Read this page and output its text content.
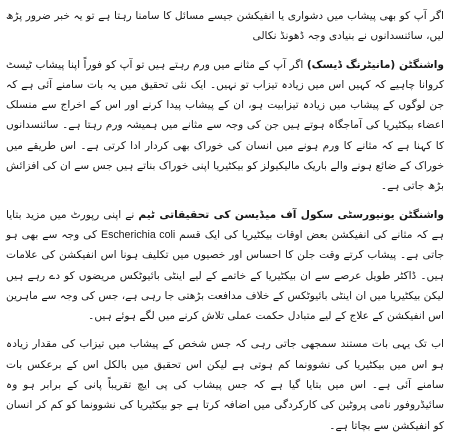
اگر آپ کو بھی پیشاب میں دشواری یا انفیکشن جیسے مسائل کا سامنا رہتا ہے تو یہ خبر ضرور پڑھ لیں، سائنسدانوں نے بنیادی وجہ ڈھونڈ نکالی

واشنگٹن (مانیٹرنگ ڈیسک) اگر آپ کے مثانے میں ورم رہتے ہیں تو آپ کو فوراً اپنا پیشاب ٹیسٹ کروانا چاہیے کہ کہیں اس میں زیادہ تیزاب تو نہیں۔ ایک نئی تحقیق میں یہ بات سامنے آئی ہے کہ جن لوگوں کے پیشاب میں زیادہ تیزابیت ہو، ان کے پیشاب پیدا کرنے اور اس کے اخراج سے منسلک اعضاء بیکٹیریا کی آماجگاہ ہوتے ہیں جن کی وجہ سے مثانے میں ہمیشہ ورم رہتا ہے۔ سائنسدانوں کا کہنا ہے کہ مثانے کا ورم ہونے میں انسان کی خوراک بھی کردار ادا کرتی ہے۔ اس طریقے میں خوراک کے ضائع ہونے والے باریک مالیکیولز کو بیکٹیریا اپنی خوراک بناتے ہیں جس سے ان کی افزائش بڑھ جاتی ہے۔

واشنگٹن یونیورسٹی سکول آف میڈیسن کی تحقیقاتی ٹیم نے اپنی رپورٹ میں مزید بتایا ہے کہ مثانے کی انفیکشن بعض اوقات بیکٹیریا کی ایک قسم Escherichia coli کی وجہ سے بھی ہو جاتی ہے۔ پیشاب کرتے وقت جلن کا احساس اور خصیوں میں تکلیف ہونا اس انفیکشن کی علامات ہیں۔ ڈاکٹر طویل عرصے سے ان بیکٹیریا کے خاتمے کے لیے اینٹی بائیوٹکس مریضوں کو دے رہے ہیں لیکن بیکٹیریا میں ان اینٹی بائیوٹکس کے خلاف مدافعت بڑھتی جا رہی ہے، جس کی وجہ سے ماہرین اس انفیکشن کے علاج کے لیے متبادل حکمت عملی تلاش کرنے میں لگے ہوئے ہیں۔

اب تک یہی بات مستند سمجھی جاتی رہی کہ جس شخص کے پیشاب میں تیزاب کی مقدار زیادہ ہو اس میں بیکٹیریا کی نشوونما کم ہوتی ہے لیکن اس تحقیق میں بالکل اس کے برعکس بات سامنے آئی ہے۔ اس میں بتایا گیا ہے کہ جس پیشاب کی پی ایچ تقریباً پانی کے برابر ہو وہ سائیڈروفور نامی پروٹین کی کارکردگی میں اضافہ کرتا ہے جو بیکٹیریا کی نشوونما کو کم کر انسان کو انفیکشن سے بچاتا ہے۔
